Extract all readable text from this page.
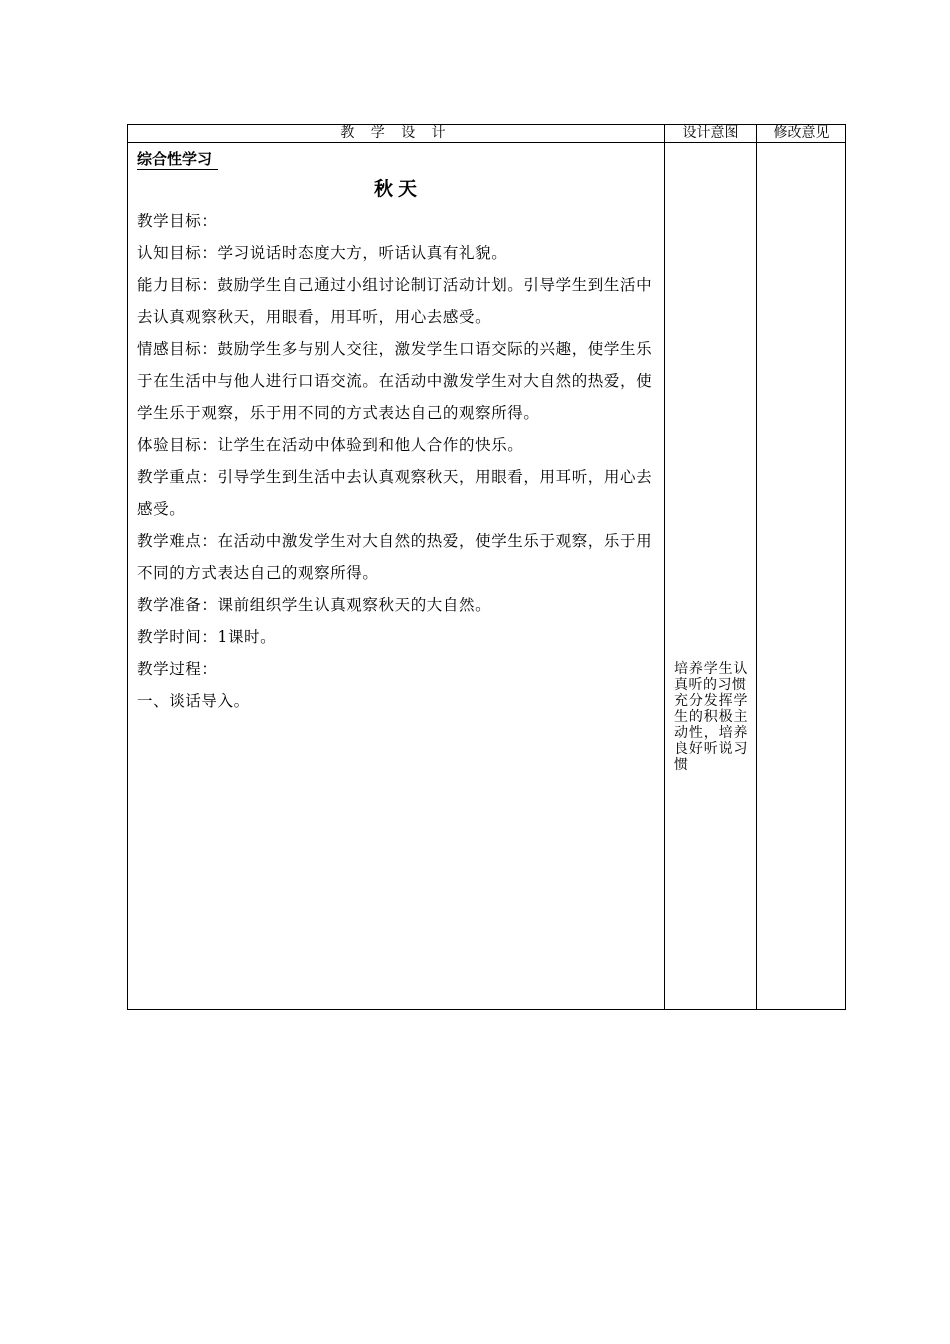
教 学 设 计	设计意图	修改意见
综合性学习
秋天

教学目标：

认知目标：学习说话时态度大方，听话认真有礼貌。

能力目标：鼓励学生自己通过小组讨论制订活动计划。引导学生到生活中去认真观察秋天，用眼看，用耳听，用心去感受。

情感目标：鼓励学生多与别人交往，激发学生口语交际的兴趣，使学生乐于在生活中与他人进行口语交流。在活动中激发学生对大自然的热爱，使学生乐于观察，乐于用不同的方式表达自己的观察所得。

体验目标：让学生在活动中体验到和他人合作的快乐。

教学重点：引导学生到生活中去认真观察秋天，用眼看，用耳听，用心去感受。

教学难点：在活动中激发学生对大自然的热爱，使学生乐于观察，乐于用不同的方式表达自己的观察所得。

教学准备：课前组织学生认真观察秋天的大自然。

教学时间：1课时。

教学过程：

一、谈话导入。

培养学生认真听的习惯

充分发挥学生的积极主动性，培养良好听说习惯
